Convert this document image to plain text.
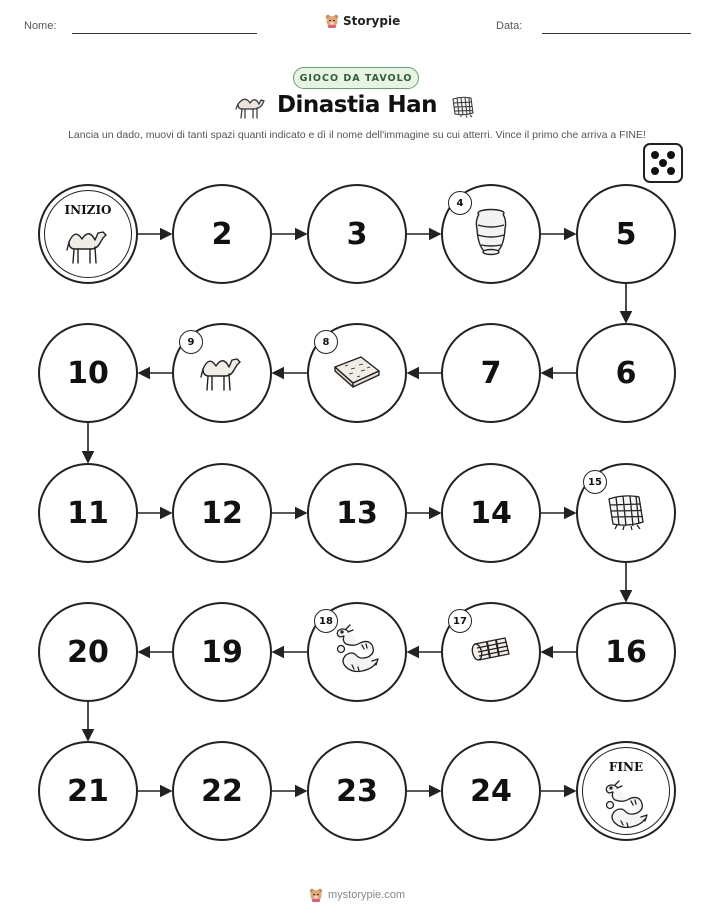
Nome:	Storypie	Data:
GIOCO DA TAVOLO
Dinastia Han
Lancia un dado, muovi di tanti spazi quanti indicato e dì il nome dell'immagine su cui atterri. Vince il primo che arriva a FINE!
INIZIO
2	3
4
5
6
7
8
9
10
11	12	13	14
15
16
17
18
19
20
21	22	23	24
FINE
mystorypie.com
